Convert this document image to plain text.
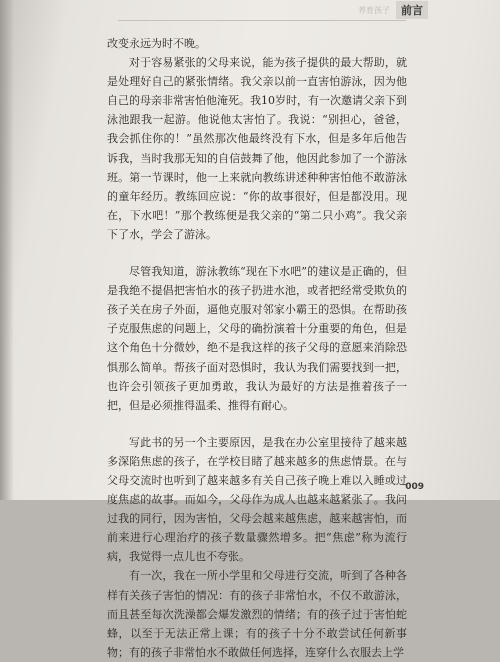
养育孩子	前言

改变永远为时不晚。

对于容易紧张的父母来说，能为孩子提供的最大帮助，就是处理好自己的紧张情绪。我父亲以前一直害怕游泳，因为他自己的母亲非常害怕他淹死。我10岁时，有一次邀请父亲下到泳池跟我一起游。他说他太害怕了。我说：“别担心，爸爸，我会抓住你的！”虽然那次他最终没有下水，但是多年后他告诉我，当时我那无知的自信鼓舞了他，他因此参加了一个游泳班。第一节课时，他一上来就向教练讲述种种害怕他不敢游泳的童年经历。教练回应说：“你的故事很好，但是都没用。现在，下水吧！”那个教练便是我父亲的“第二只小鸡”。我父亲下了水，学会了游泳。

尽管我知道，游泳教练“现在下水吧”的建议是正确的，但是我绝不提倡把害怕水的孩子扔进水池，或者把经常受欺负的孩子关在房子外面，逼他克服对邻家小霸王的恐惧。在帮助孩子克服焦虑的问题上，父母的确扮演着十分重要的角色，但是这个角色十分微妙，绝不是我这样的孩子父母的意愿来消除恐惧那么简单。帮孩子面对恐惧时，我认为我们需要找到一把，也许会引领孩子更加勇敢，我认为最好的方法是推着孩子一把，但是必须推得温柔、推得有耐心。

写此书的另一个主要原因，是我在办公室里接待了越来越多深陷焦虑的孩子，在学校目睹了越来越多的焦虑情景。在与父母交流时也听到了越来越多有关自己孩子晚上难以入睡或过度焦虑的故事。而如今，父母作为成人也越来越紧张了。我问过我的同行，因为害怕，父母会越来越焦虑，越来越害怕，而前来进行心理治疗的孩子数量骤然增多。把“焦虑”称为流行病，我觉得一点儿也不夸张。

有一次，我在一所小学里和父母进行交流，听到了各种各样有关孩子害怕的情况：有的孩子非常怕水，不仅不敢游泳，而且甚至每次洗澡都会爆发激烈的情绪；有的孩子过于害怕蛇蜂，以至于无法正常上课；有的孩子十分不敢尝试任何新事物；有的孩子非常怕水不敢做任何选择，连穿什么衣服去上学

009
